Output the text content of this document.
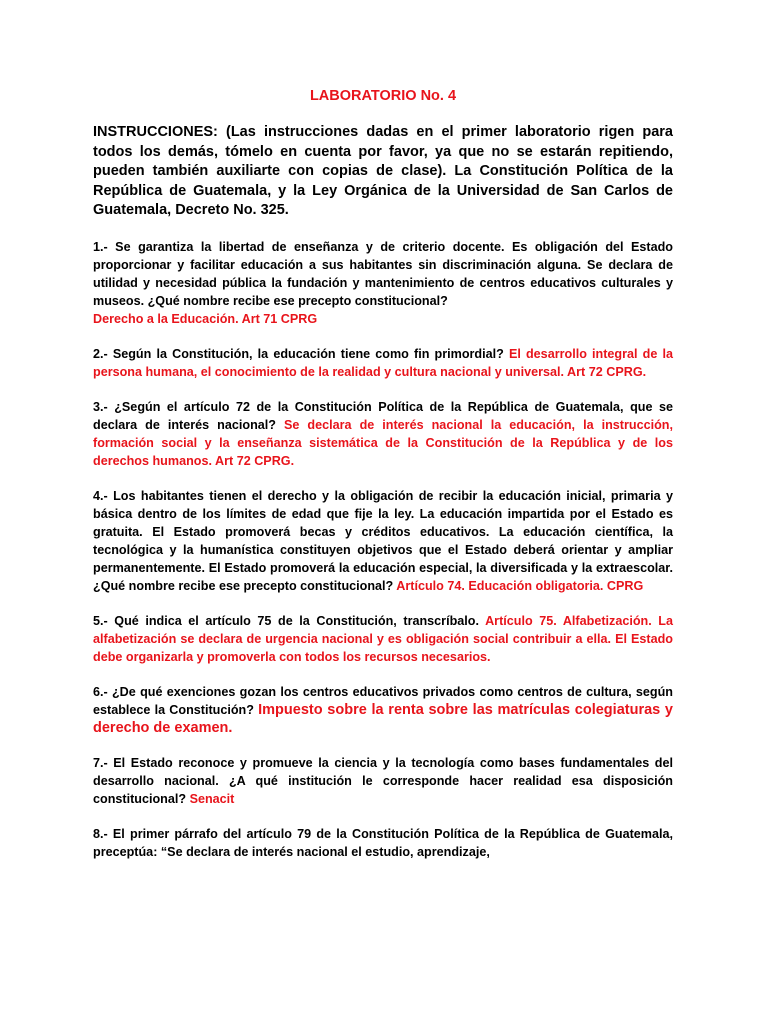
LABORATORIO No. 4

INSTRUCCIONES: (Las instrucciones dadas en el primer laboratorio rigen para todos los demás, tómelo en cuenta por favor, ya que no se estarán repitiendo, pueden también auxiliarte con copias de clase). La Constitución Política de la República de Guatemala, y la Ley Orgánica de la Universidad de San Carlos de Guatemala, Decreto No. 325.

1.- Se garantiza la libertad de enseñanza y de criterio docente. Es obligación del Estado proporcionar y facilitar educación a sus habitantes sin discriminación alguna. Se declara de utilidad y necesidad pública la fundación y mantenimiento de centros educativos culturales y museos. ¿Qué nombre recibe ese precepto constitucional?
Derecho a la Educación. Art 71 CPRG

2.- Según la Constitución, la educación tiene como fin primordial? El desarrollo integral de la persona humana, el conocimiento de la realidad y cultura nacional y universal. Art 72 CPRG.

3.- ¿Según el artículo 72 de la Constitución Política de la República de Guatemala, que se declara de interés nacional? Se declara de interés nacional la educación, la instrucción, formación social y la enseñanza sistemática de la Constitución de la República y de los derechos humanos. Art 72 CPRG.

4.- Los habitantes tienen el derecho y la obligación de recibir la educación inicial, primaria y básica dentro de los límites de edad que fije la ley. La educación impartida por el Estado es gratuita. El Estado promoverá becas y créditos educativos. La educación científica, la tecnológica y la humanística constituyen objetivos que el Estado deberá orientar y ampliar permanentemente. El Estado promoverá la educación especial, la diversificada y la extraescolar. ¿Qué nombre recibe ese precepto constitucional? Artículo 74. Educación obligatoria. CPRG

5.- Qué indica el artículo 75 de la Constitución, transcríbalo. Artículo 75. Alfabetización. La alfabetización se declara de urgencia nacional y es obligación social contribuir a ella. El Estado debe organizarla y promoverla con todos los recursos necesarios.

6.- ¿De qué exenciones gozan los centros educativos privados como centros de cultura, según establece la Constitución? Impuesto sobre la renta sobre las matrículas colegiaturas y derecho de examen.

7.- El Estado reconoce y promueve la ciencia y la tecnología como bases fundamentales del desarrollo nacional. ¿A qué institución le corresponde hacer realidad esa disposición constitucional? Senacit

8.- El primer párrafo del artículo 79 de la Constitución Política de la República de Guatemala, preceptúa: “Se declara de interés nacional el estudio, aprendizaje,
